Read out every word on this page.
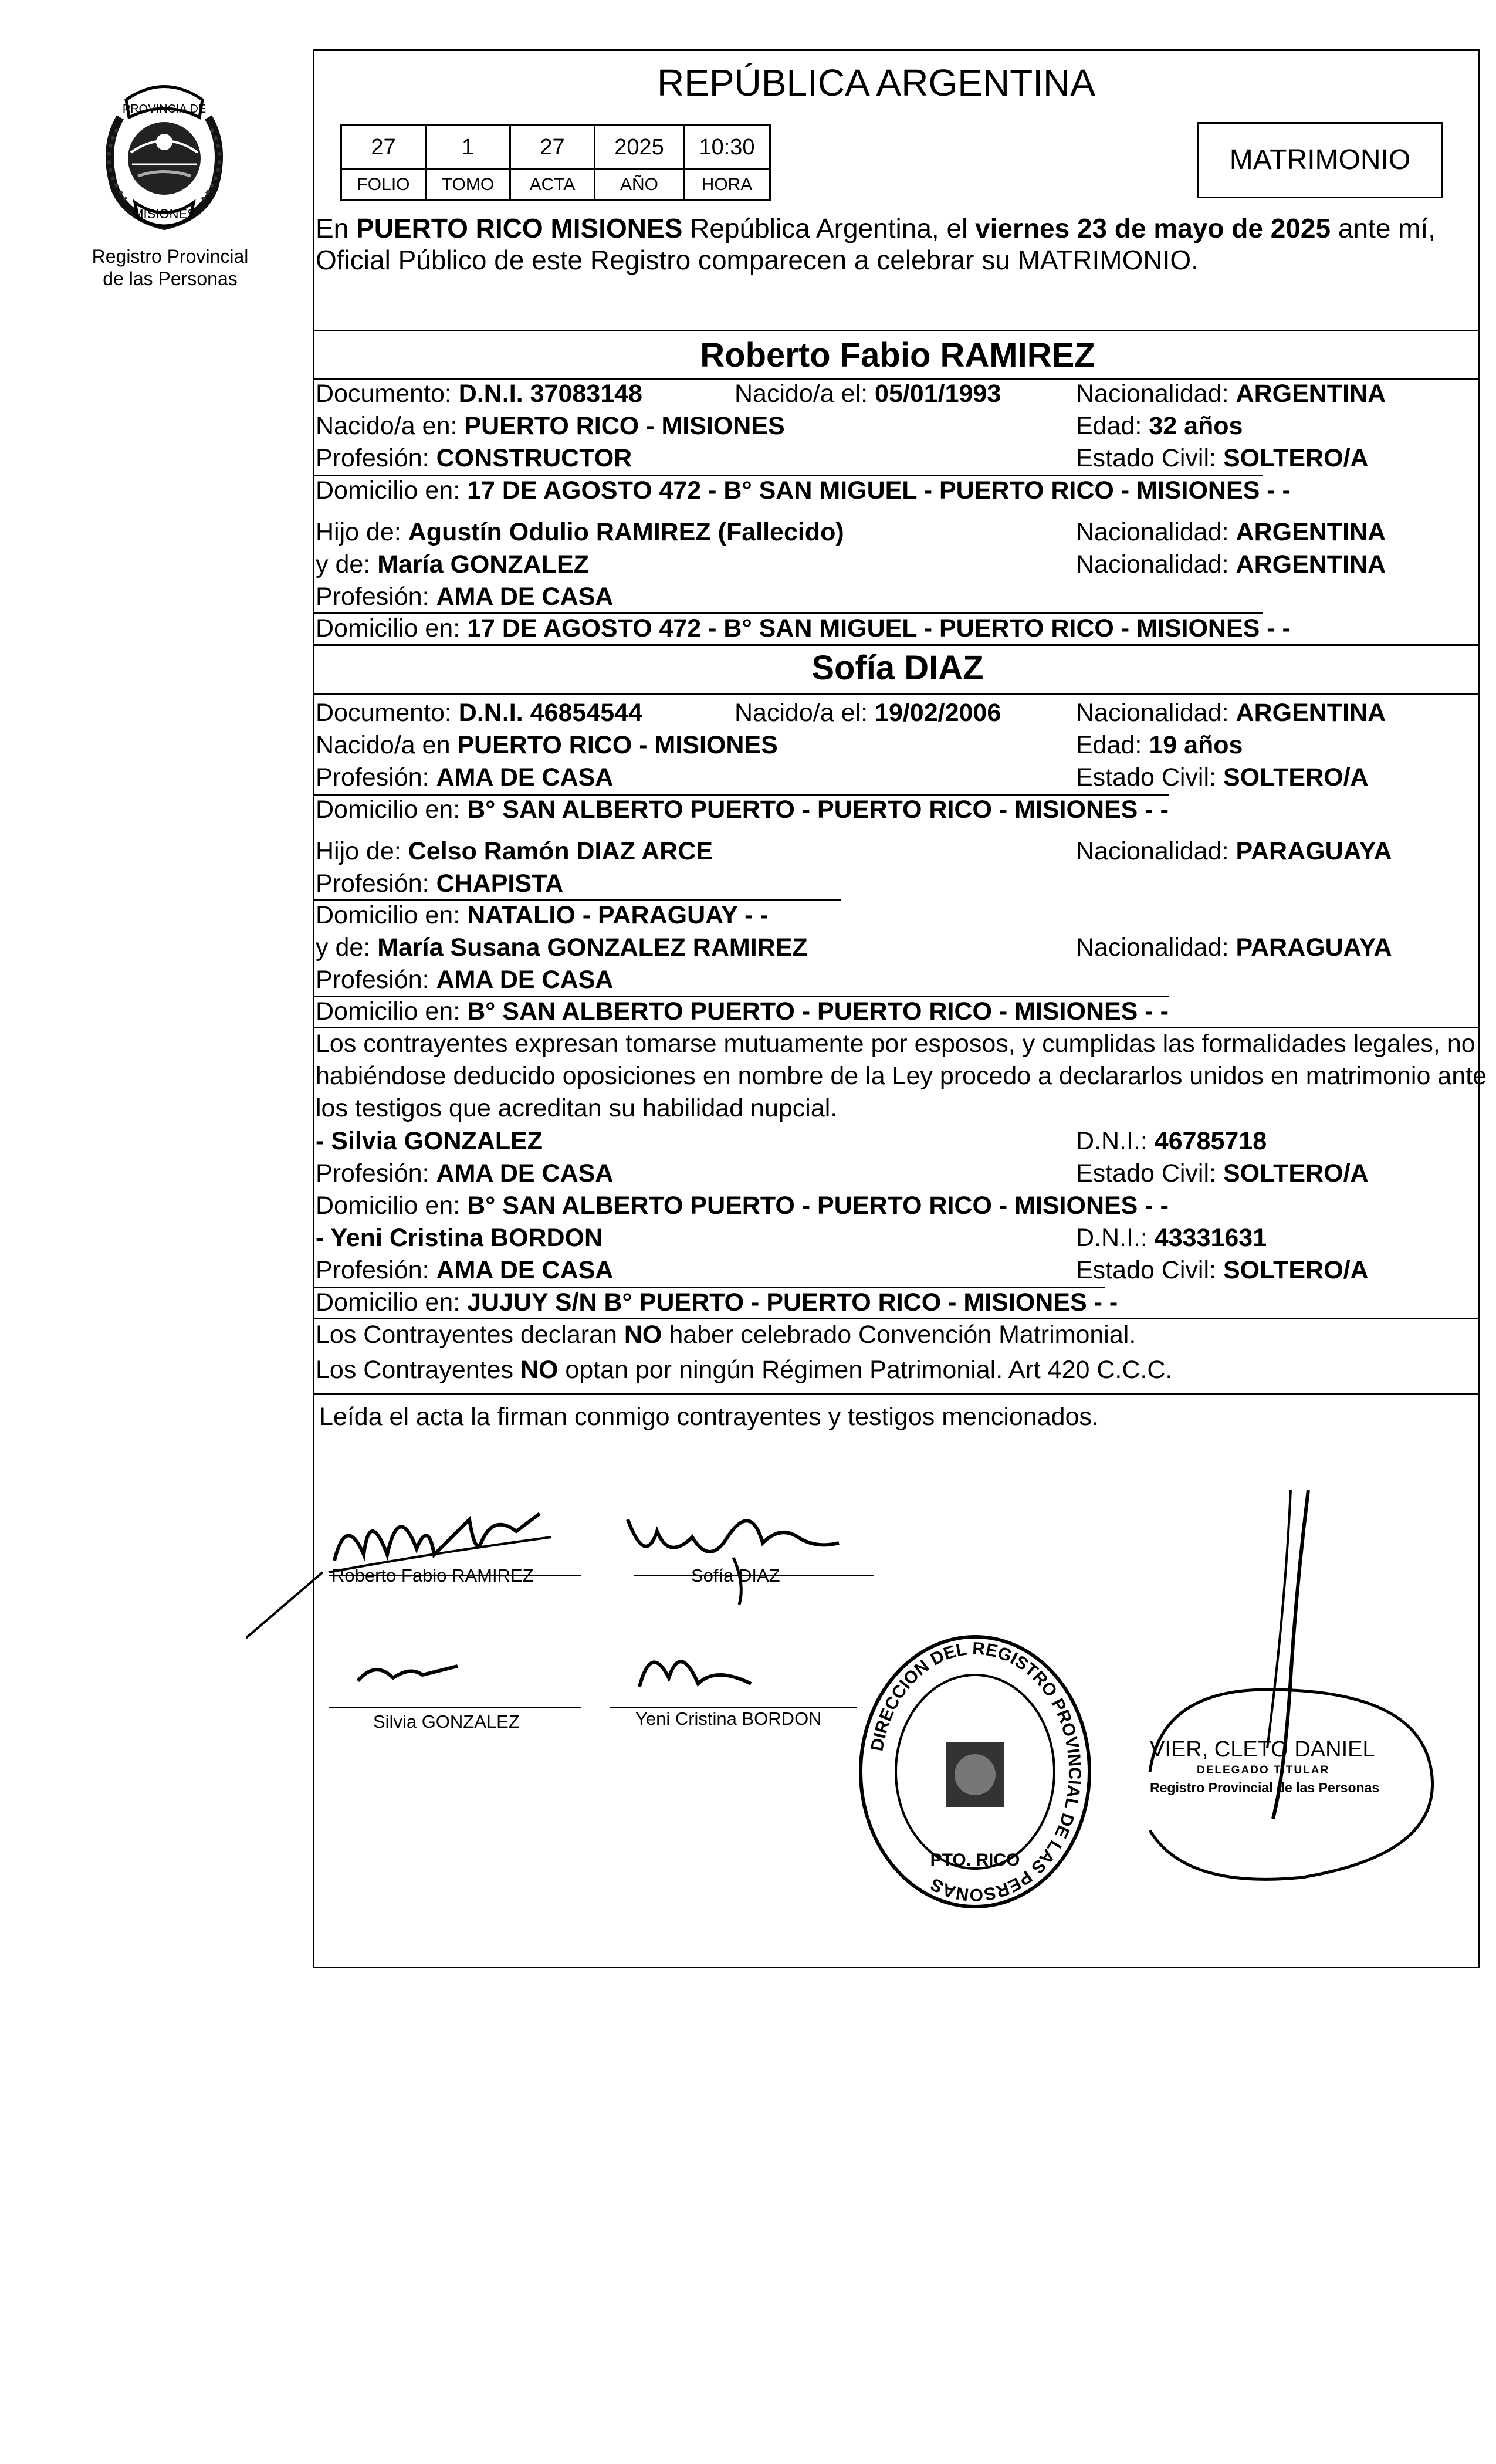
PROVINCIA DE
MISIONES
Registro Provincial
de las Personas
REPÚBLICA ARGENTINA
27	1	27	2025	10:30
FOLIO	TOMO	ACTA	AÑO	HORA
MATRIMONIO
En PUERTO RICO MISIONES República Argentina, el viernes 23 de mayo de 2025 ante mí,
Oficial Público de este Registro comparecen a celebrar su MATRIMONIO.
Roberto Fabio RAMIREZ
Documento: D.N.I. 37083148	Nacido/a el: 05/01/1993	Nacionalidad: ARGENTINA
Nacido/a en: PUERTO RICO - MISIONES	Edad: 32 años
Profesión: CONSTRUCTOR	Estado Civil: SOLTERO/A
Domicilio en: 17 DE AGOSTO 472 - B° SAN MIGUEL - PUERTO RICO - MISIONES - -
Hijo de: Agustín Odulio RAMIREZ (Fallecido)	Nacionalidad: ARGENTINA
y de: María GONZALEZ	Nacionalidad: ARGENTINA
Profesión: AMA DE CASA
Domicilio en: 17 DE AGOSTO 472 - B° SAN MIGUEL - PUERTO RICO - MISIONES - -
Sofía DIAZ
Documento: D.N.I. 46854544	Nacido/a el: 19/02/2006	Nacionalidad: ARGENTINA
Nacido/a en PUERTO RICO - MISIONES	Edad: 19 años
Profesión: AMA DE CASA	Estado Civil: SOLTERO/A
Domicilio en: B° SAN ALBERTO PUERTO - PUERTO RICO - MISIONES - -
Hijo de: Celso Ramón DIAZ ARCE	Nacionalidad: PARAGUAYA
Profesión: CHAPISTA
Domicilio en: NATALIO - PARAGUAY - -
y de: María Susana GONZALEZ RAMIREZ	Nacionalidad: PARAGUAYA
Profesión: AMA DE CASA
Domicilio en: B° SAN ALBERTO PUERTO - PUERTO RICO - MISIONES - -
Los contrayentes expresan tomarse mutuamente por esposos, y cumplidas las formalidades legales, no
habiéndose deducido oposiciones en nombre de la Ley procedo a declararlos unidos en matrimonio ante
los testigos que acreditan su habilidad nupcial.
- Silvia GONZALEZ	D.N.I.: 46785718
Profesión: AMA DE CASA	Estado Civil: SOLTERO/A
Domicilio en: B° SAN ALBERTO PUERTO - PUERTO RICO - MISIONES - -
- Yeni Cristina BORDON	D.N.I.: 43331631
Profesión: AMA DE CASA	Estado Civil: SOLTERO/A
Domicilio en: JUJUY S/N B° PUERTO - PUERTO RICO - MISIONES - -
Los Contrayentes declaran NO haber celebrado Convención Matrimonial.
Los Contrayentes NO optan por ningún Régimen Patrimonial. Art 420 C.C.C.
Leída el acta la firman conmigo contrayentes y testigos mencionados.
Roberto Fabio RAMIREZ	Sofía DIAZ
Silvia GONZALEZ	Yeni Cristina BORDON
DIRECCION DEL REGISTRO PROVINCIAL DE LAS PERSONAS
PTO. RICO
VIER, CLETO DANIEL
DELEGADO TITULAR
Registro Provincial de las Personas
